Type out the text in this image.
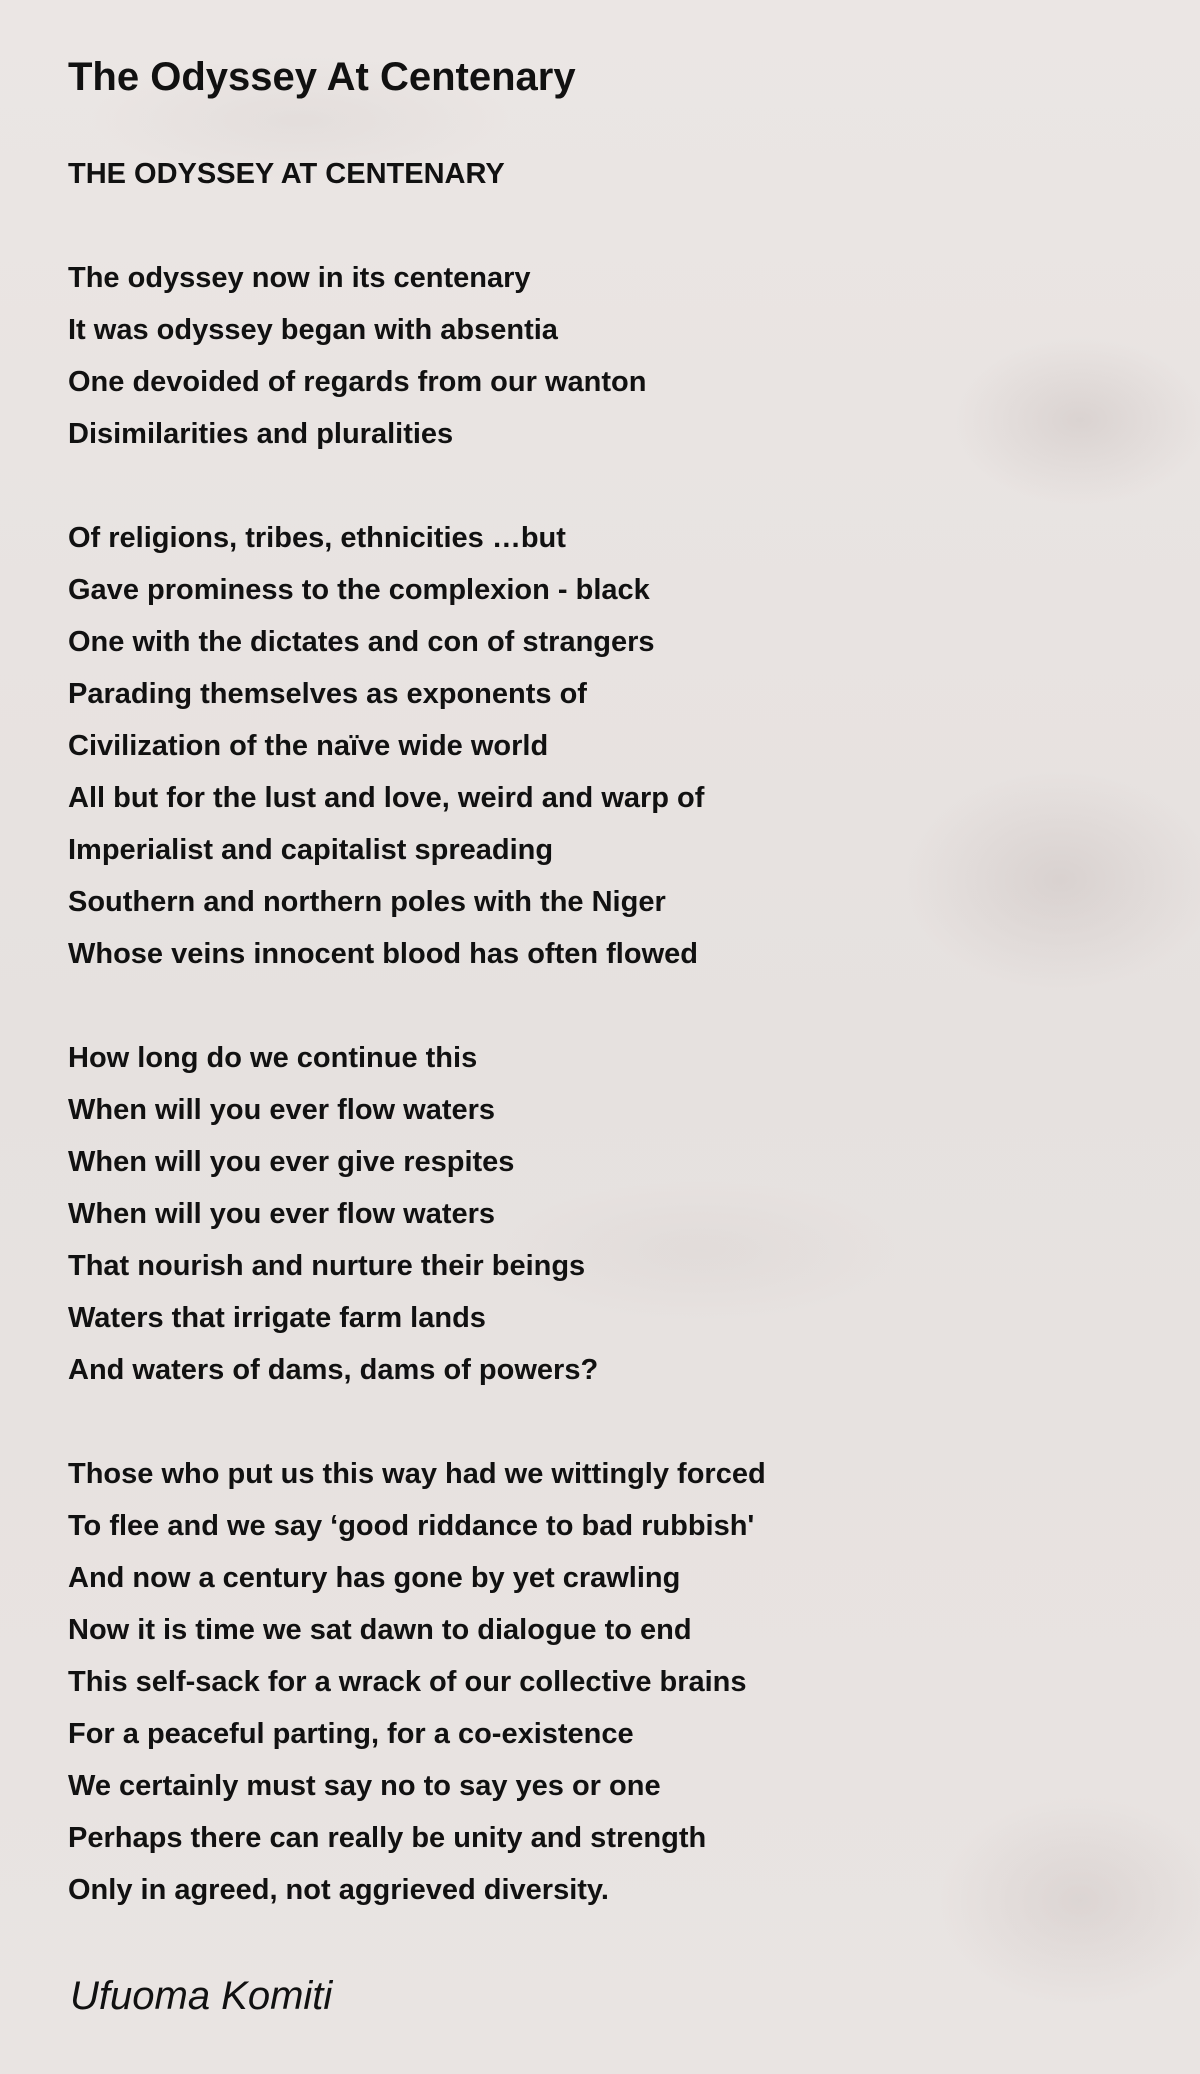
The Odyssey At Centenary
THE ODYSSEY AT CENTENARY
The odyssey now in its centenary
It was odyssey began with absentia
One devoided of regards from our wanton
Disimilarities and pluralities
Of religions, tribes, ethnicities …but
Gave prominess to the complexion - black
One with the dictates and con of strangers
Parading themselves as exponents of
Civilization of the naïve wide world
All but for the lust and love, weird and warp of
Imperialist and capitalist spreading
Southern and northern poles with the Niger
Whose veins innocent blood has often flowed
How long do we continue this
When will you ever flow waters
When will you ever give respites
When will you ever flow waters
That nourish and nurture their beings
Waters that irrigate farm lands
And waters of dams, dams of powers?
Those who put us this way had we wittingly forced
To flee and we say ‘good riddance to bad rubbish'
And now a century has gone by yet crawling
Now it is time we sat dawn to dialogue to end
This self-sack for a wrack of our collective brains
For a peaceful parting, for a co-existence
We certainly must say no to say yes or one
Perhaps there can really be unity and strength
Only in agreed, not aggrieved diversity.
Ufuoma Komiti
